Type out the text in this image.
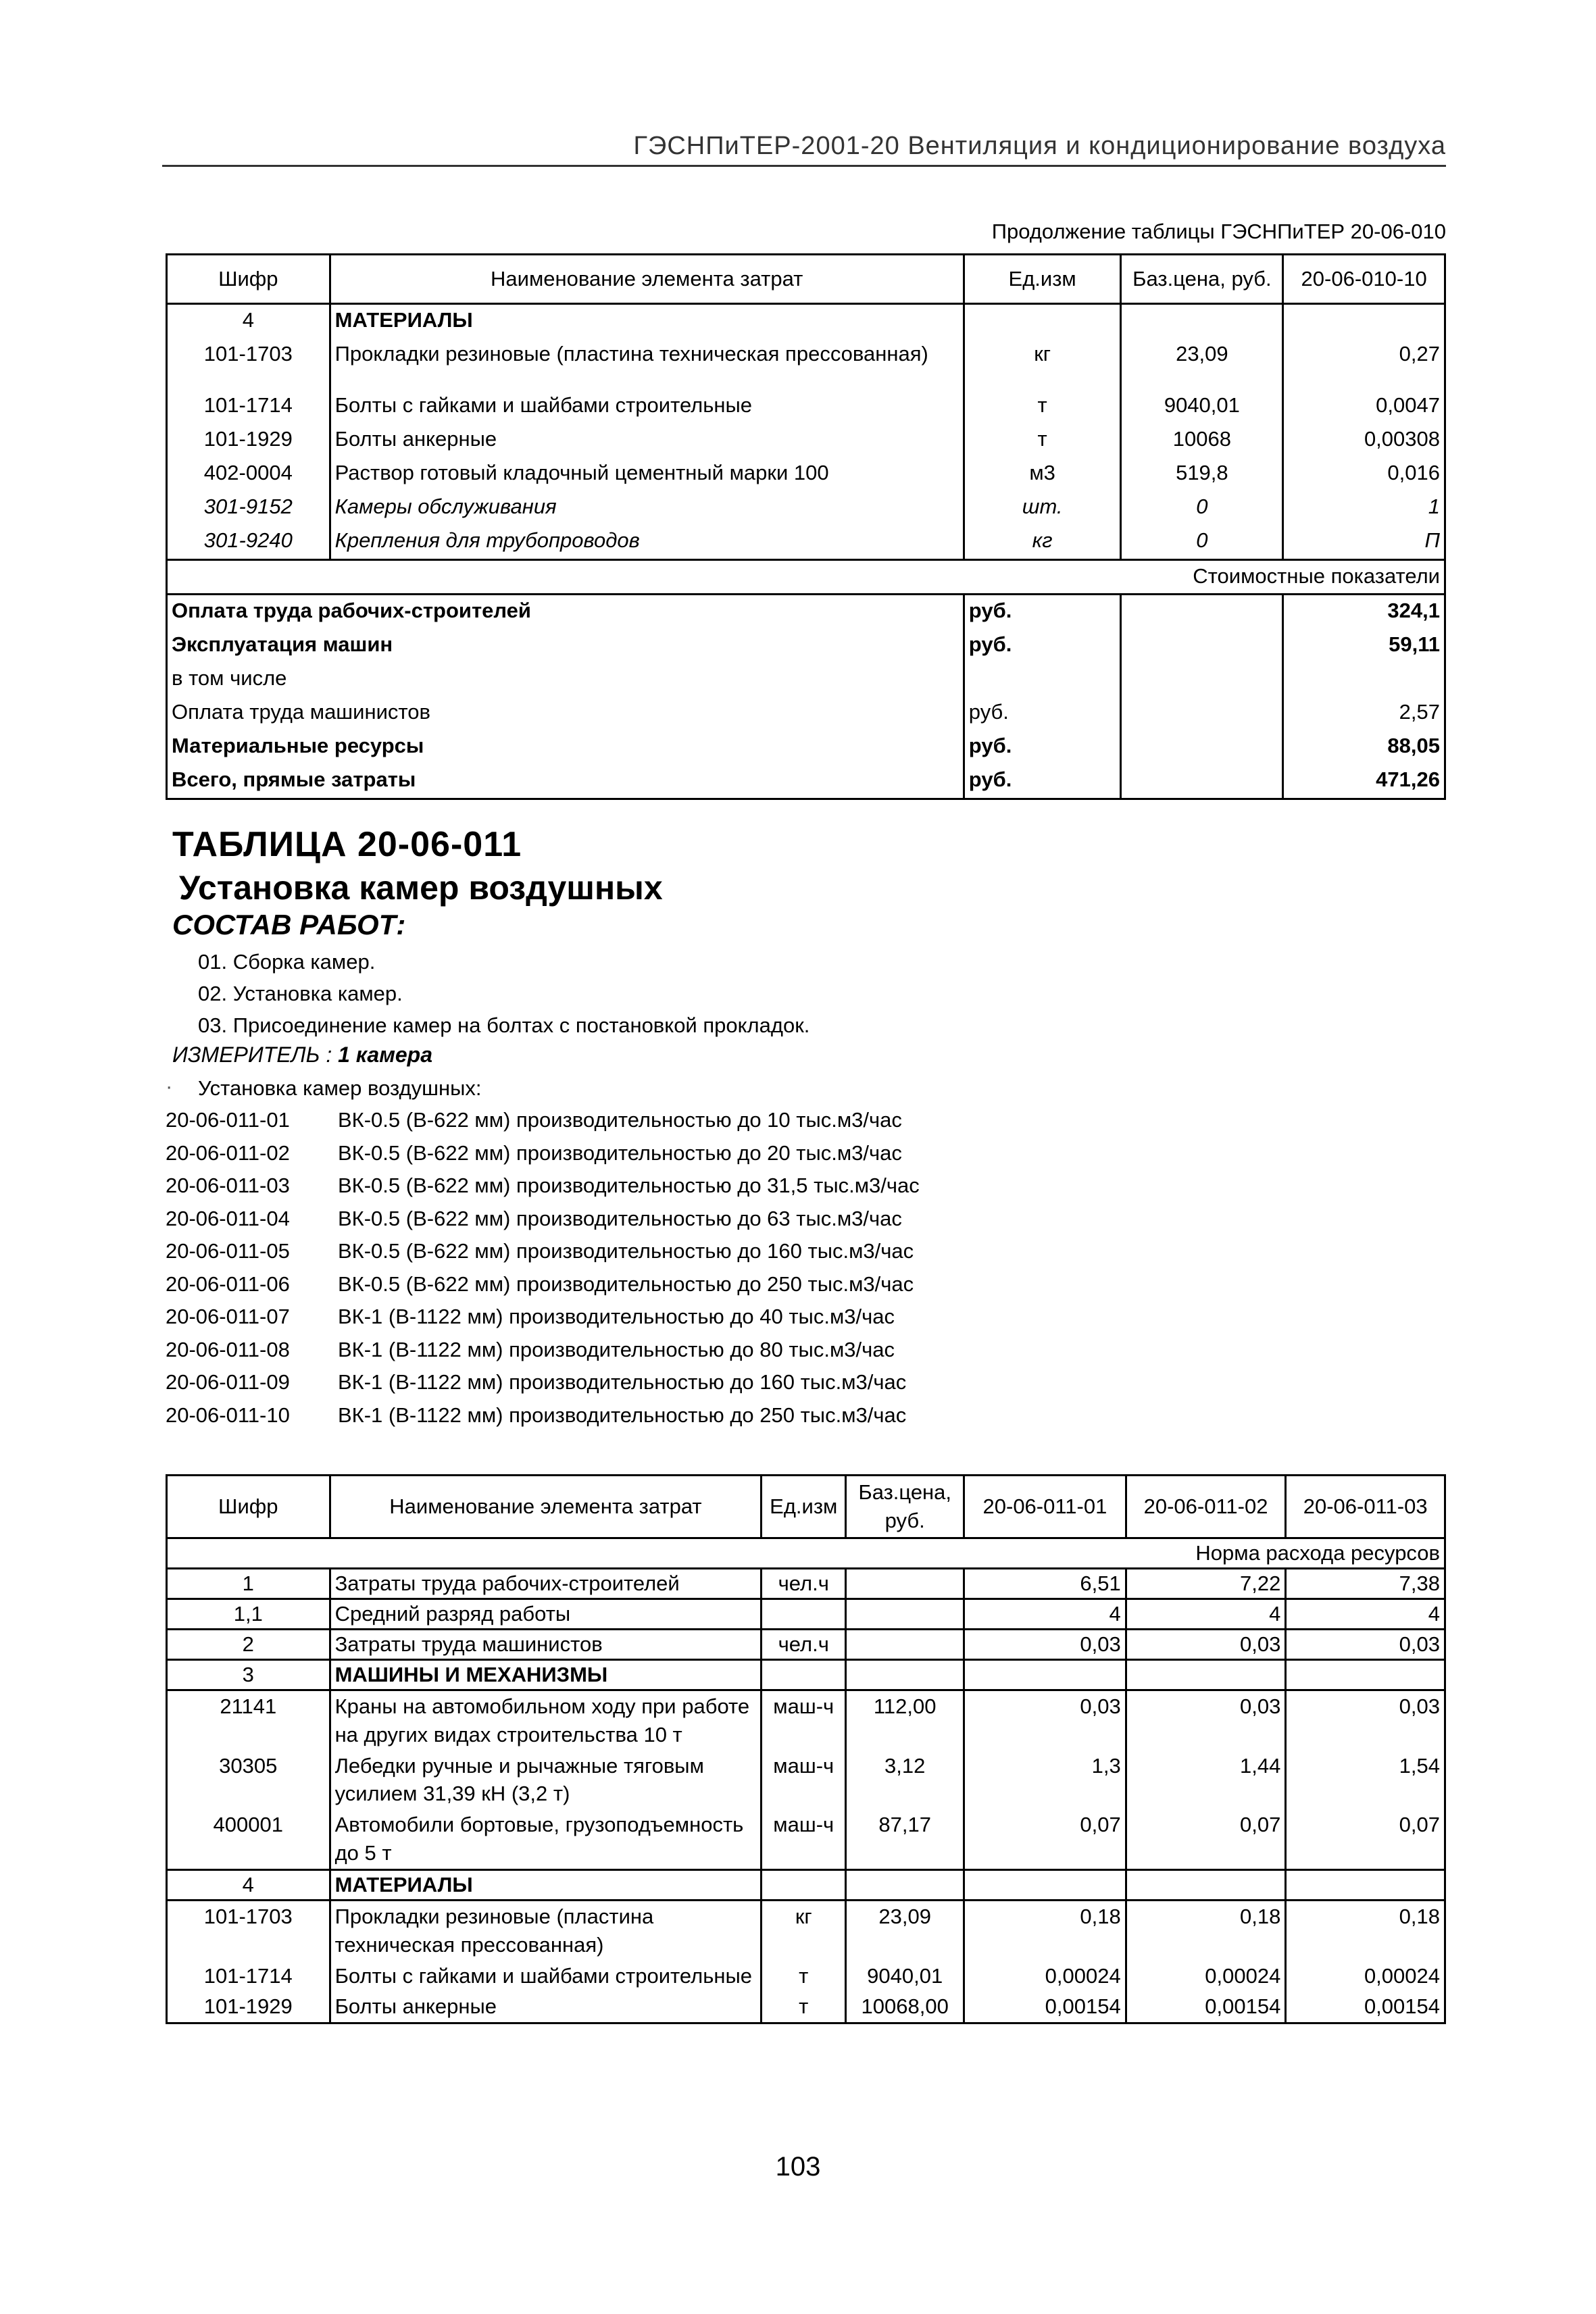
ГЭСНПиТЕР-2001-20 Вентиляция и кондиционирование воздуха
Продолжение таблицы ГЭСНПиТЕР 20-06-010
Шифр	Наименование элемента затрат	Ед.изм	Баз.цена, руб.	20-06-010-10
4	МАТЕРИАЛЫ			
101-1703	Прокладки резиновые (пластина техническая прессованная)	кг	23,09	0,27

101-1714	Болты с гайками и шайбами строительные	т	9040,01	0,0047
101-1929	Болты анкерные	т	10068	0,00308
402-0004	Раствор готовый кладочный цементный марки 100	м3	519,8	0,016
301-9152	Камеры обслуживания	шт.	0	1
301-9240	Крепления для трубопроводов	кг	0	П
Стоимостные показатели				
Оплата труда рабочих-строителей		руб.		324,1
Эксплуатация машин		руб.		59,11
в том числе				
Оплата труда машинистов		руб.		2,57
Материальные ресурсы		руб.		88,05
Всего, прямые затраты		руб.		471,26
ТАБЛИЦА 20-06-011
Установка камер воздушных
СОСТАВ РАБОТ:
01. Сборка камер.
02. Установка камер.
03. Присоединение камер на болтах с постановкой прокладок.
ИЗМЕРИТЕЛЬ : 1 камера
· Установка камер воздушных:
20-06-011-01	ВК-0.5 (В-622 мм) производительностью до 10 тыс.м3/час
20-06-011-02	ВК-0.5 (В-622 мм) производительностью до 20 тыс.м3/час
20-06-011-03	ВК-0.5 (В-622 мм) производительностью до 31,5 тыс.м3/час
20-06-011-04	ВК-0.5 (В-622 мм) производительностью до 63 тыс.м3/час
20-06-011-05	ВК-0.5 (В-622 мм) производительностью до 160 тыс.м3/час
20-06-011-06	ВК-0.5 (В-622 мм) производительностью до 250 тыс.м3/час
20-06-011-07	ВК-1 (В-1122 мм) производительностью до 40 тыс.м3/час
20-06-011-08	ВК-1 (В-1122 мм) производительностью до 80 тыс.м3/час
20-06-011-09	ВК-1 (В-1122 мм) производительностью до 160 тыс.м3/час
20-06-011-10	ВК-1 (В-1122 мм) производительностью до 250 тыс.м3/час
Шифр	Наименование элемента затрат	Ед.изм	Баз.цена, руб.	20-06-011-01	20-06-011-02	20-06-011-03
Норма расхода ресурсов						
1	Затраты труда рабочих-строителей	чел.ч		6,51	7,22	7,38
1,1	Средний разряд работы			4	4	4
2	Затраты труда машинистов	чел.ч		0,03	0,03	0,03
3	МАШИНЫ И МЕХАНИЗМЫ					
21141	Краны на автомобильном ходу при работе на других видах строительства 10 т	маш-ч	112,00	0,03	0,03	0,03
30305	Лебедки ручные и рычажные тяговым усилием 31,39 кН (3,2 т)	маш-ч	3,12	1,3	1,44	1,54
400001	Автомобили бортовые, грузоподъемность до 5 т	маш-ч	87,17	0,07	0,07	0,07
4	МАТЕРИАЛЫ					
101-1703	Прокладки резиновые (пластина техническая прессованная)	кг	23,09	0,18	0,18	0,18
101-1714	Болты с гайками и шайбами строительные	т	9040,01	0,00024	0,00024	0,00024
101-1929	Болты анкерные	т	10068,00	0,00154	0,00154	0,00154
103
